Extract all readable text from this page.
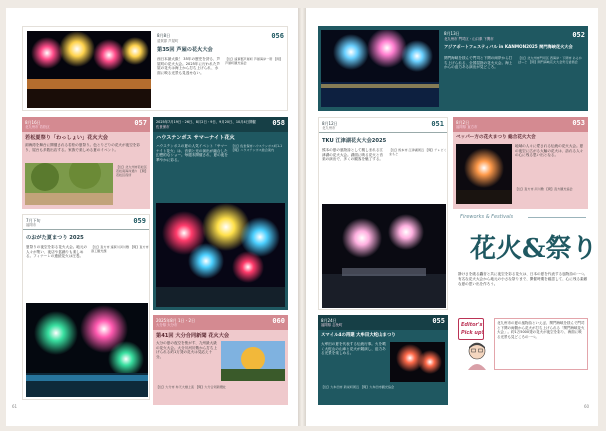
8月8日
遠賀郡 芦屋町
056
第35回 芦屋の花火大会
西日本最大級！ 35年の歴史を誇る、芦屋町の花火大会。2025年に行われた芦屋の花火は海上から打ち上げられ、水面に映る光景も見逃せない。
【住】遠賀郡芦屋町 芦屋海岸一帯 【問】芦屋町観光協会
8月16日
北九州市 若松区	057
若松夏祭り「わっしょい」花火大会
洞海湾を舞台に開催される若松の夏祭り。色とりどりの花火が夜空を彩り、屋台も多数出店する。家族で楽しめる夏のイベント。
【住】北九州市若松区 若松南海岸通り 【問】若松区役所
2025年7月19日・26日、8月2日・9日、9月20日、10月4日開催
佐世保市	058
ハウステンボス サマーナイト花火
ハウステンボスの夏の人気イベント「サマーナイト花火」は、音楽と光の演出が融合した幻想的なショー。毎週末開催され、夏の夜を華やかに彩る。
【住】佐世保市ハウステンボス町1-1 【問】ハウステンボス総合案内
7月下旬
福岡市	059
のおがた夏まつり 2025
夏祭りの夜空を彩る花火大会。地元の人々が集い、夜店や盆踊りも楽しめる。フィナーレの連続花火は圧巻。
【住】直方市 遠賀川河川敷 【問】直方市商工観光課
2025年8月 1日・2日
大分県 大分市	060
第41回 大分合同新聞 花火大会
大分の夏の夜空を焦がす、九州最大級の花火大会。大分川河川敷から打ち上げられる約1万発の花火は見応え十分。
【住】大分市 弁天大橋上流 【問】大分合同新聞社
61
8月12日
北九州市	051
TKU 江津湖花火大会2025
熊本の夏の風物詩として親しまれる江津湖の花火大会。湖面に映る花火と音楽の演出で、多くの観客を魅了する。
【住】熊本市 江津湖周辺 【問】テレビくまもと
8月13日
北九州市 門司区・山口県 下関市	052
アジアポートフェスティバル in KANMON2025 関門海峡花火大会
関門海峡を挟んで門司と下関の両岸から打ち上げられる、全国屈指の花火大会。海上からの迫力ある演出が見どころ。
【住】北九州市門司区 西海岸・下関市 あるかぽーと 【問】関門海峡花火大会実行委員会
8月2日
福岡県 直方市	053
ペッパー方の花火まつり 総合花火大会
地域の人々に愛される伝統の花火大会。夏の夜空に広がる大輪の花火は、訪れる人々の心に残る思い出となる。
【住】直方市 河川敷 【問】直方観光協会
Fireworks & Festivals
花火&祭り
静けさを破る轟音と共に夜空を彩る花火は、日本の夏を代表する風物詩の一つ。有名な花火大会から地元の小さな祭りまで、開催時期を確認して、心に残る素敵な夏の思い出を作ろう。
Editor's
Pick up!
北九州市の夏の風物詩といえば、関門海峡を挟んで門司と下関の両側から花火が打ち上げられる「関門海峡花火大会」。約1万5000発の花火が夜空を彩り、海面に映る光景も見どころの一つ。
8月24日
福岡県 志免町	055
スマイル4の再建 大牟田大蛇山まつり
大牟田の夏を代表する伝統行事。火を噴く大蛇山の山車と花火が競演し、迫力ある光景を楽しめる。
【住】大牟田市 新栄町周辺 【問】大牟田市観光協会
60
